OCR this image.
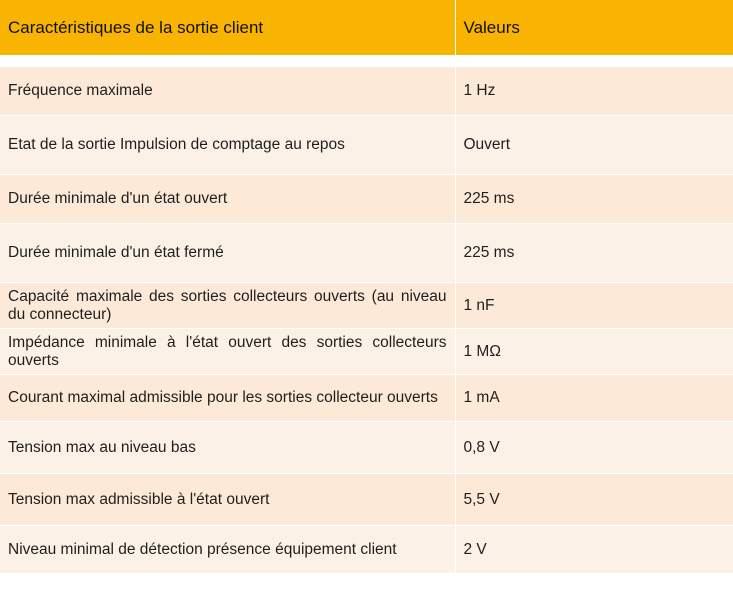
Caractéristiques de la sortie client	Valeurs

Fréquence maximale	1 Hz
Etat de la sortie Impulsion de comptage au repos	Ouvert
Durée minimale d'un état ouvert	225 ms
Durée minimale d'un état fermé	225 ms
Capacité maximale des sorties collecteurs ouverts (au niveau du connecteur)	1 nF
Impédance minimale à l'état ouvert des sorties collecteurs ouverts	1 MΩ
Courant maximal admissible pour les sorties collecteur ouverts	1 mA
Tension max au niveau bas	0,8 V
Tension max admissible à l'état ouvert	5,5 V
Niveau minimal de détection présence équipement client	2 V
